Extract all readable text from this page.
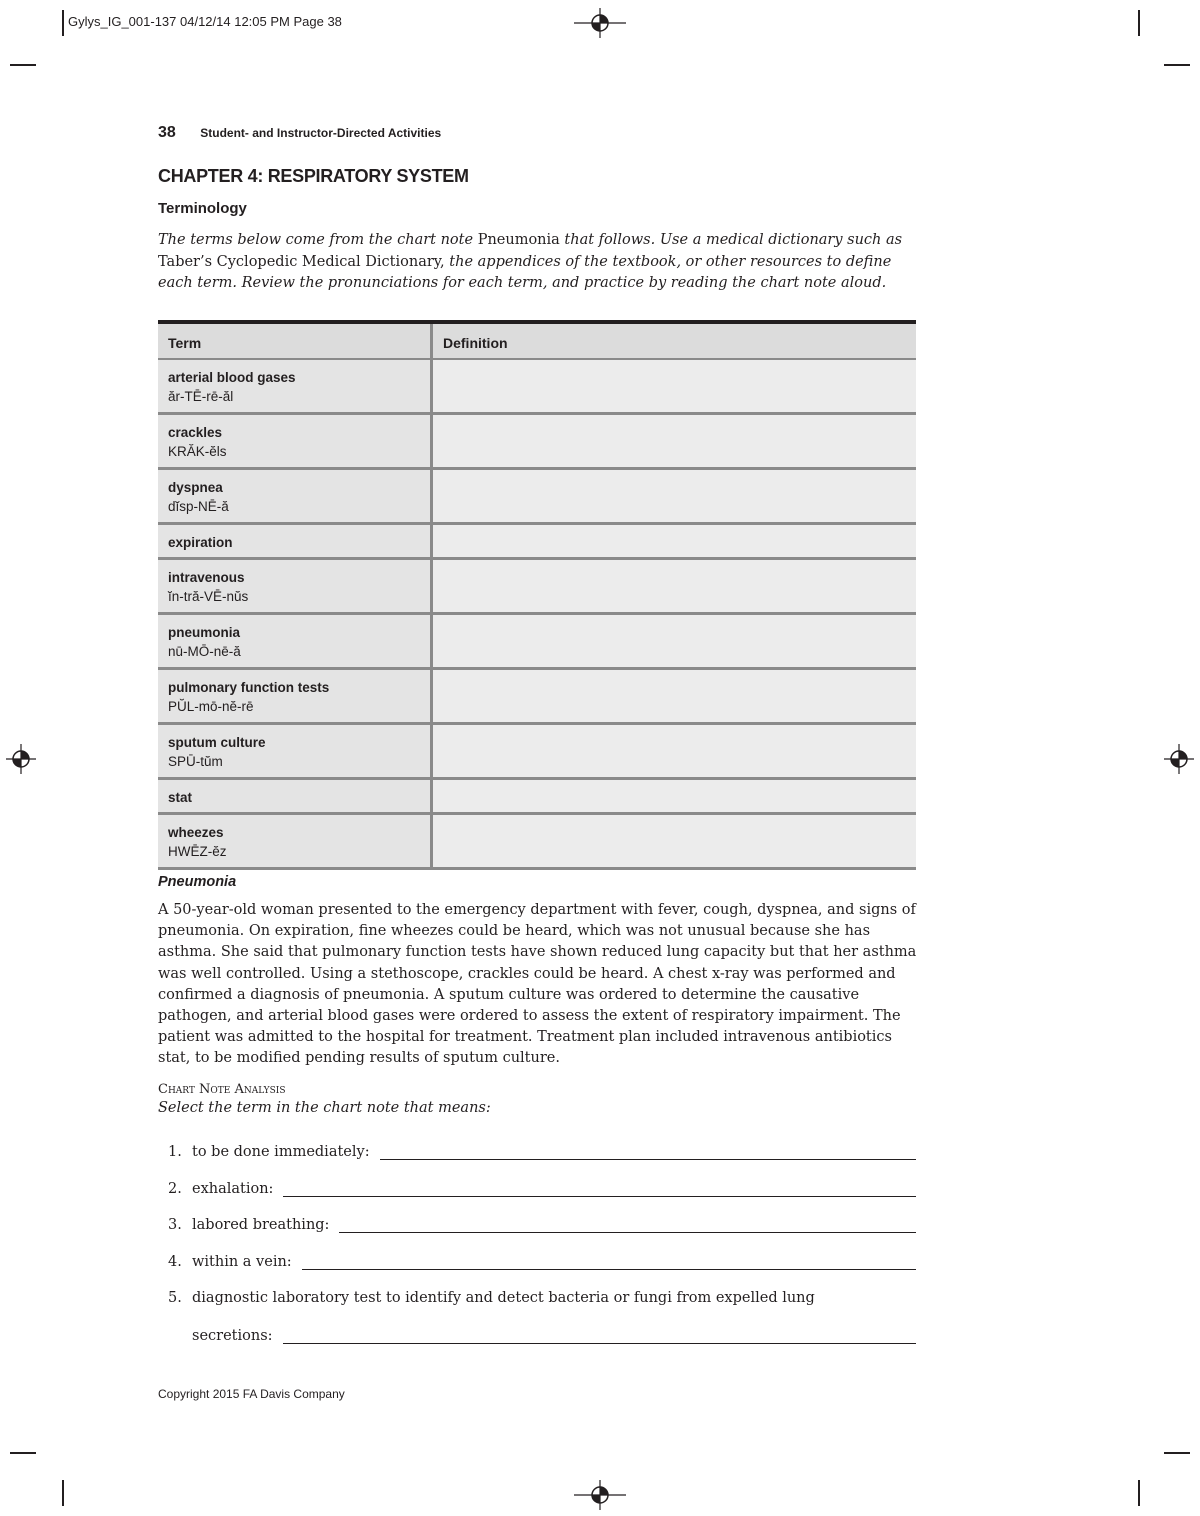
Gylys_IG_001-137 04/12/14 12:05 PM Page 38
38 Student- and Instructor-Directed Activities
CHAPTER 4: RESPIRATORY SYSTEM
Terminology
The terms below come from the chart note Pneumonia that follows. Use a medical dictionary such as Taber’s Cyclopedic Medical Dictionary, the appendices of the textbook, or other resources to define each term. Review the pronunciations for each term, and practice by reading the chart note aloud.
Term	Definition

arterial blood gases
ăr-TĒ-rē-ăl	

crackles
KRĂK-ĕls	

dyspnea
dĭsp-NĒ-ă	

expiration	

intravenous
ĭn-tră-VĒ-nŭs	

pneumonia
nū-MŌ-nē-ă	

pulmonary function tests
PŬL-mō-nĕ-rē	

sputum culture
SPŪ-tŭm	

stat	

wheezes
HWĒZ-ĕz	

Pneumonia
A 50-year-old woman presented to the emergency department with fever, cough, dyspnea, and signs of pneumonia. On expiration, fine wheezes could be heard, which was not unusual because she has asthma. She said that pulmonary function tests have shown reduced lung capacity but that her asthma was well controlled. Using a stethoscope, crackles could be heard. A chest x-ray was performed and confirmed a diagnosis of pneumonia. A sputum culture was ordered to determine the causative pathogen, and arterial blood gases were ordered to assess the extent of respiratory impairment. The patient was admitted to the hospital for treatment. Treatment plan included intravenous antibiotics stat, to be modified pending results of sputum culture.
Chart Note Analysis
Select the term in the chart note that means:
1. to be done immediately:
2. exhalation:
3. labored breathing:
4. within a vein:
5. diagnostic laboratory test to identify and detect bacteria or fungi from expelled lung
secretions:
Copyright 2015 FA Davis Company
